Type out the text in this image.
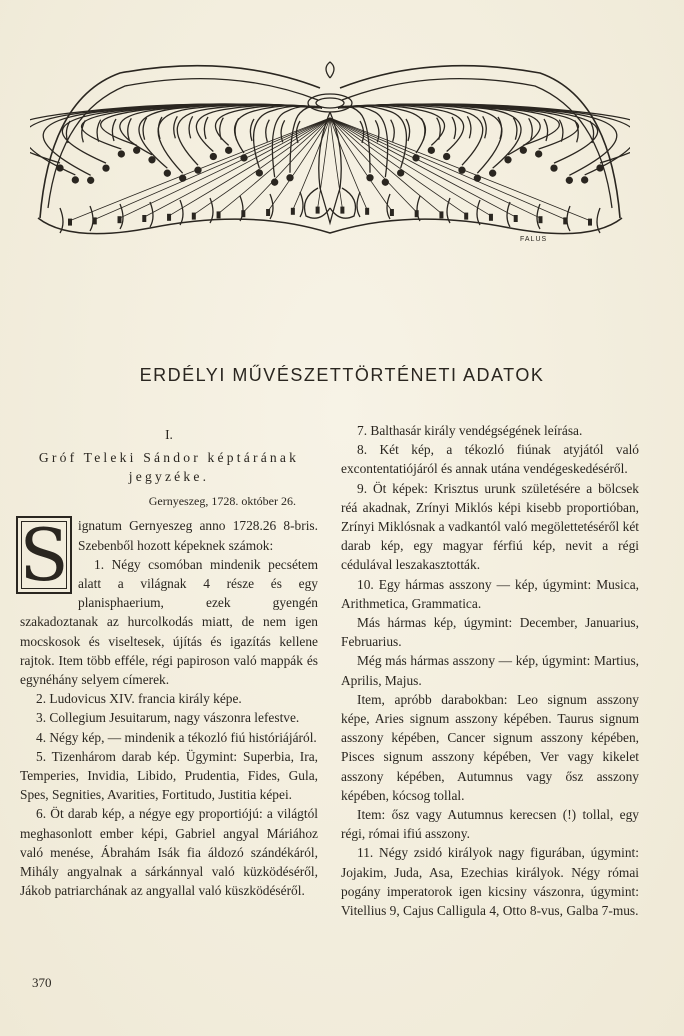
FALUS
ERDÉLYI MŰVÉSZETTÖRTÉNETI ADATOK

I.

Gróf Teleki Sándor képtárának

jegyzéke.

Gernyeszeg, 1728. október 26.

S ignatum Gernyeszeg anno 1728.26 8-bris. Szebenből hozott képeknek számok:

1. Négy csomóban mindenik pecsétem alatt a világnak 4 része és egy planisphaerium, ezek gyengén szakadoztanak az hurcolkodás miatt, de nem igen mocskosok és viseltesek, újítás és igazítás kellene rajtok. Item több efféle, régi papiroson való mappák és egynéhány selyem címerek.

2. Ludovicus XIV. francia király képe.

3. Collegium Jesuitarum, nagy vászonra lefestve.

4. Négy kép, — mindenik a tékozló fiú históriájáról.

5. Tizenhárom darab kép. Ügymint: Superbia, Ira, Temperies, Invidia, Libido, Prudentia, Fides, Gula, Spes, Segnities, Avarities, Fortitudo, Justitia képei.

6. Öt darab kép, a négye egy proportiójú: a világtól meghasonlott ember képi, Gabriel angyal Máriához való menése, Ábrahám Isák fia áldozó szándékáról, Mihály angyalnak a sárkánnyal való küzködéséről, Jákob patriarchának az angyallal való küszködéséről.

7. Balthasár király vendégségének leírása.

8. Két kép, a tékozló fiúnak atyjától való excontentatiójáról és annak utána vendégeskedéséről.

9. Öt képek: Krisztus urunk születésére a bölcsek réá akadnak, Zrínyi Miklós képi kisebb proportióban, Zrínyi Miklósnak a vadkantól való megölettetéséről két darab kép, egy magyar férfiú kép, nevit a régi cédulával leszakasztották.

10. Egy hármas asszony — kép, úgymint: Musica, Arithmetica, Grammatica.

Más hármas kép, úgymint: December, Januarius, Februarius.

Még más hármas asszony — kép, úgymint: Martius, Aprilis, Majus.

Item, apróbb darabokban: Leo signum asszony képe, Aries signum asszony képében. Taurus signum asszony képében, Cancer signum asszony képében, Pisces signum asszony képében, Ver vagy kikelet asszony képében, Autumnus vagy ősz asszony képében, kócsog tollal.

Item: ősz vagy Autumnus kerecsen (!) tollal, egy régi, római ifiú asszony.

11. Négy zsidó királyok nagy figurában, úgymint: Jojakim, Juda, Asa, Ezechias királyok. Négy római pogány imperatorok igen kicsiny vászonra, úgymint: Vitellius 9, Cajus Calligula 4, Otto 8-vus, Galba 7-mus.

370
